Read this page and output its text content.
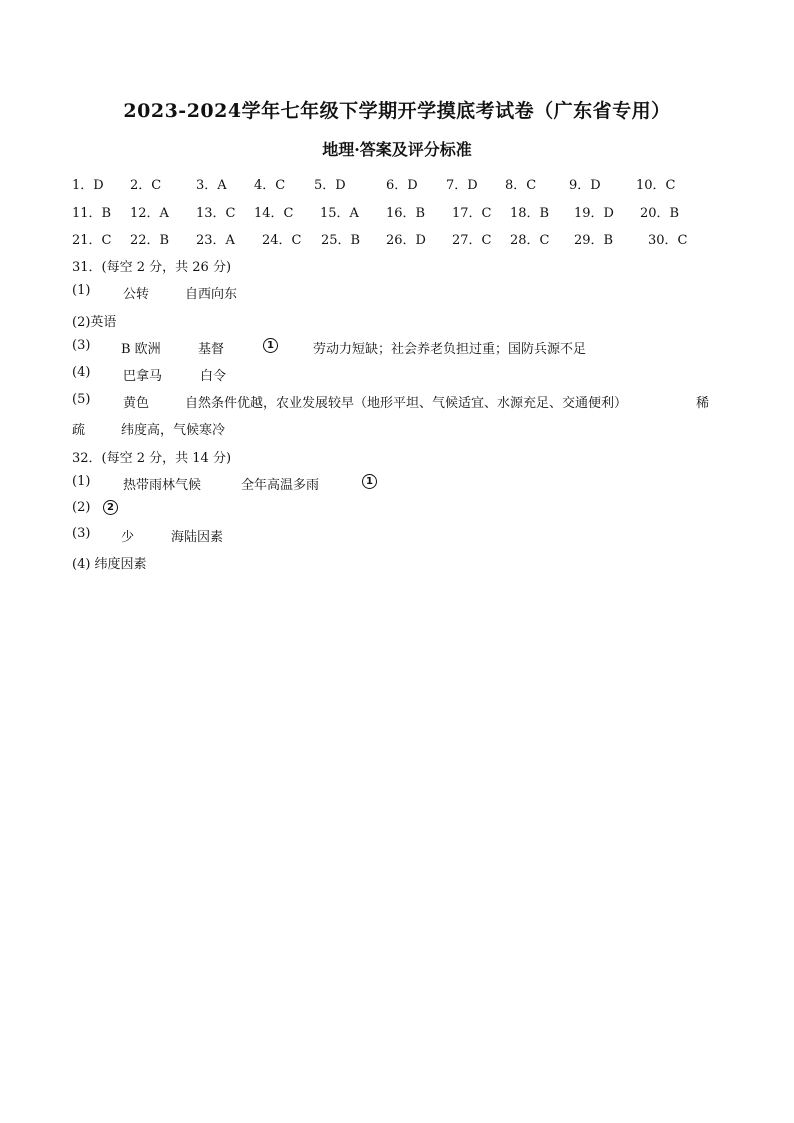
2023-2024学年七年级下学期开学摸底考试卷（广东省专用）
地理·答案及评分标准
1．D 2．C	3．A 4．C 5．D	6．D 7．D 8．C	9．D	10．C
11．B 12．A 13．C 14．C 15．A 16．B 17．C 18．B 19．D 20．B
21．C 22．B 23．A 24．C 25．B 26．D 27．C 28．C 29．B	30．C
31．(每空 2 分，共 26 分)
(1)	公转	自西向东
(2)英语
(3) B 欧洲	基督	1	劳动力短缺；社会养老负担过重；国防兵源不足
(4)	巴拿马	白令
(5)	黄色	自然条件优越，农业发展较早（地形平坦、气候适宜、水源充足、交通便利）	稀
疏	纬度高，气候寒冷
32．(每空 2 分，共 14 分)
(1)	热带雨林气候	全年高温多雨	1
(2)	2
(3) 少	海陆因素
(4) 纬度因素
